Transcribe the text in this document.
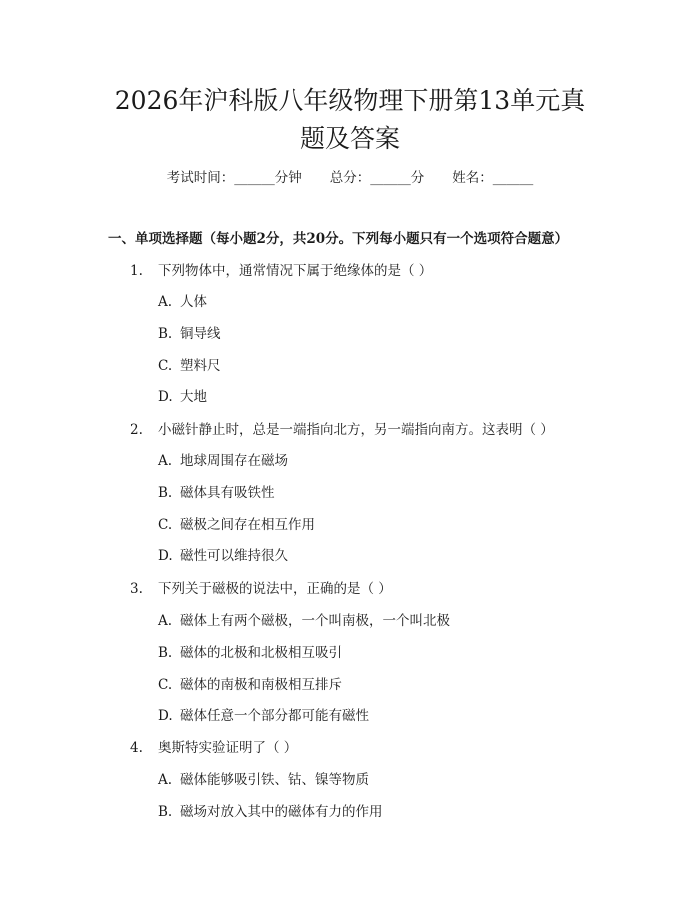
2026年沪科版八年级物理下册第13单元真
题及答案
考试时间：______分钟 总分：______分 姓名：______
一、单项选择题（每小题2分，共20分。下列每小题只有一个选项符合题意）
1. 下列物体中，通常情况下属于绝缘体的是（ ）
A. 人体
B. 铜导线
C. 塑料尺
D. 大地
2. 小磁针静止时，总是一端指向北方，另一端指向南方。这表明（ ）
A. 地球周围存在磁场
B. 磁体具有吸铁性
C. 磁极之间存在相互作用
D. 磁性可以维持很久
3. 下列关于磁极的说法中，正确的是（ ）
A. 磁体上有两个磁极，一个叫南极，一个叫北极
B. 磁体的北极和北极相互吸引
C. 磁体的南极和南极相互排斥
D. 磁体任意一个部分都可能有磁性
4. 奥斯特实验证明了（ ）
A. 磁体能够吸引铁、钴、镍等物质
B. 磁场对放入其中的磁体有力的作用
